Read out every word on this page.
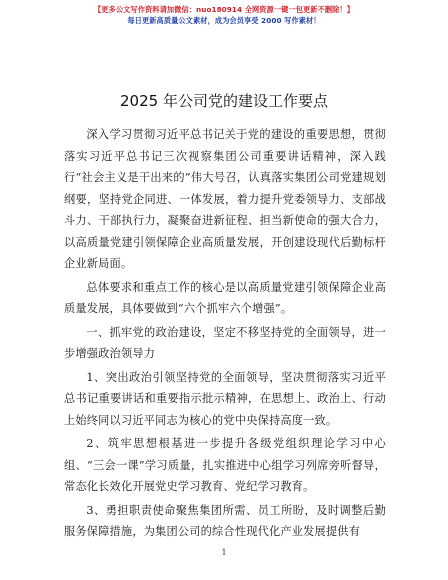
【更多公文写作资料请加微信：nuo180914 全网资源一键一包更新不删除！】
每日更新高质量公文素材，成为会员享受 2000 写作素材！
2025 年公司党的建设工作要点

深入学习贯彻习近平总书记关于党的建设的重要思想，贯彻落实习近平总书记三次视察集团公司重要讲话精神，深入践行“社会主义是干出来的”伟大号召，认真落实集团公司党建规划纲要，坚持党企同进、一体发展，着力提升党委领导力、支部战斗力、干部执行力，凝聚奋进新征程、担当新使命的强大合力，以高质量党建引领保障企业高质量发展，开创建设现代后勤标杆企业新局面。

总体要求和重点工作的核心是以高质量党建引领保障企业高质量发展，具体要做到“六个抓牢六个增强”。

一、抓牢党的政治建设，坚定不移坚持党的全面领导，进一步增强政治领导力

1、突出政治引领坚持党的全面领导，坚决贯彻落实习近平总书记重要讲话和重要指示批示精神，在思想上、政治上、行动上始终同以习近平同志为核心的党中央保持高度一致。

2、筑牢思想根基进一步提升各级党组织理论学习中心组、“三会一课”学习质量，扎实推进中心组学习列席旁听督导，常态化长效化开展党史学习教育、党纪学习教育。

3、勇担职责使命聚焦集团所需、员工所盼，及时调整后勤服务保障措施，为集团公司的综合性现代化产业发展提供有

1
